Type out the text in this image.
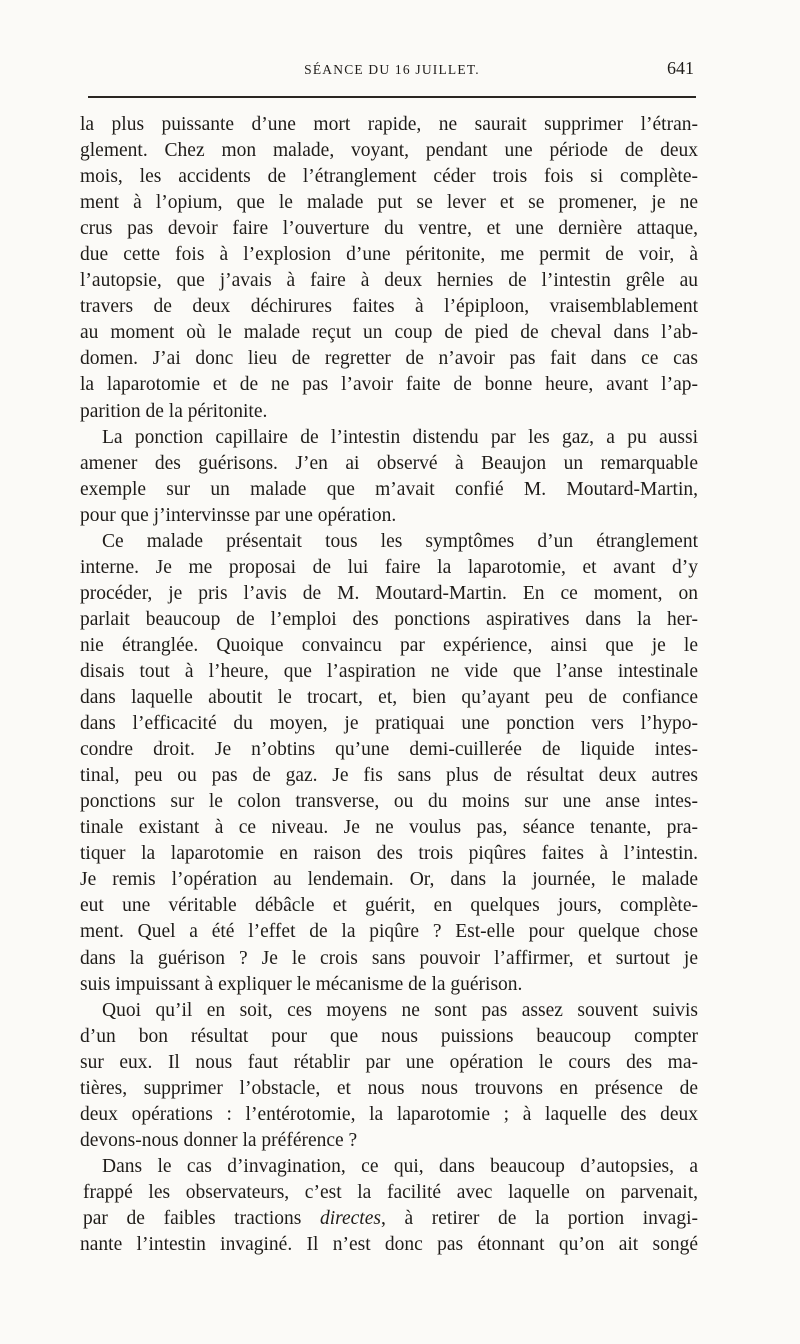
SÉANCE DU 16 JUILLET.	641
la plus puissante d’une mort rapide, ne saurait supprimer l’étran-
glement. Chez mon malade, voyant, pendant une période de deux
mois, les accidents de l’étranglement céder trois fois si complète-
ment à l’opium, que le malade put se lever et se promener, je ne
crus pas devoir faire l’ouverture du ventre, et une dernière attaque,
due cette fois à l’explosion d’une péritonite, me permit de voir, à
l’autopsie, que j’avais à faire à deux hernies de l’intestin grêle au
travers de deux déchirures faites à l’épiploon, vraisemblablement
au moment où le malade reçut un coup de pied de cheval dans l’ab-
domen. J’ai donc lieu de regretter de n’avoir pas fait dans ce cas
la laparotomie et de ne pas l’avoir faite de bonne heure, avant l’ap-
parition de la péritonite.
La ponction capillaire de l’intestin distendu par les gaz, a pu aussi
amener des guérisons. J’en ai observé à Beaujon un remarquable
exemple sur un malade que m’avait confié M. Moutard-Martin,
pour que j’intervinsse par une opération.
Ce malade présentait tous les symptômes d’un étranglement
interne. Je me proposai de lui faire la laparotomie, et avant d’y
procéder, je pris l’avis de M. Moutard-Martin. En ce moment, on
parlait beaucoup de l’emploi des ponctions aspiratives dans la her-
nie étranglée. Quoique convaincu par expérience, ainsi que je le
disais tout à l’heure, que l’aspiration ne vide que l’anse intestinale
dans laquelle aboutit le trocart, et, bien qu’ayant peu de confiance
dans l’efficacité du moyen, je pratiquai une ponction vers l’hypo-
condre droit. Je n’obtins qu’une demi-cuillerée de liquide intes-
tinal, peu ou pas de gaz. Je fis sans plus de résultat deux autres
ponctions sur le colon transverse, ou du moins sur une anse intes-
tinale existant à ce niveau. Je ne voulus pas, séance tenante, pra-
tiquer la laparotomie en raison des trois piqûres faites à l’intestin.
Je remis l’opération au lendemain. Or, dans la journée, le malade
eut une véritable débâcle et guérit, en quelques jours, complète-
ment. Quel a été l’effet de la piqûre ? Est-elle pour quelque chose
dans la guérison ? Je le crois sans pouvoir l’affirmer, et surtout je
suis impuissant à expliquer le mécanisme de la guérison.
Quoi qu’il en soit, ces moyens ne sont pas assez souvent suivis
d’un bon résultat pour que nous puissions beaucoup compter
sur eux. Il nous faut rétablir par une opération le cours des ma-
tières, supprimer l’obstacle, et nous nous trouvons en présence de
deux opérations : l’entérotomie, la laparotomie ; à laquelle des deux
devons-nous donner la préférence ?
Dans le cas d’invagination, ce qui, dans beaucoup d’autopsies, a
frappé les observateurs, c’est la facilité avec laquelle on parvenait,
par de faibles tractions directes, à retirer de la portion invagi-
nante l’intestin invaginé. Il n’est donc pas étonnant qu’on ait songé
